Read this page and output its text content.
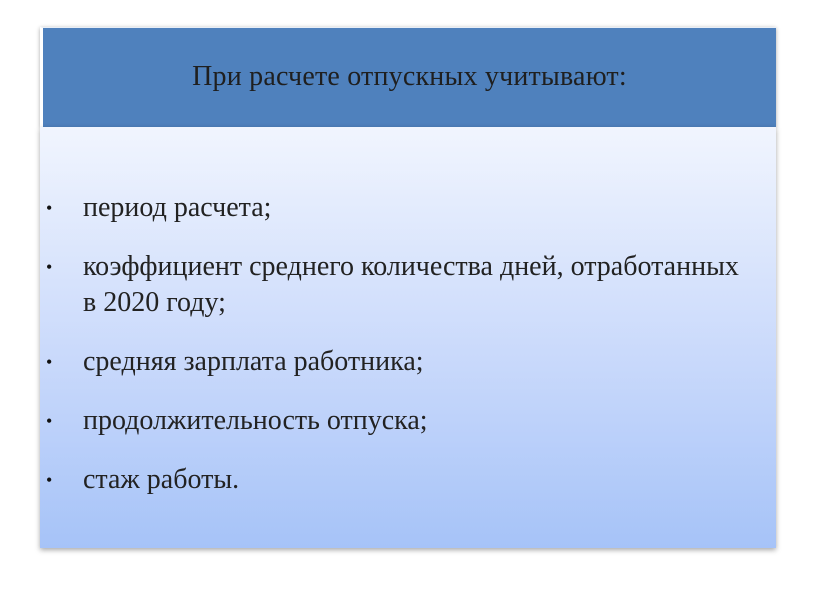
При расчете отпускных учитывают:
• период расчета;
• коэффициент среднего количества дней, отработанных в 2020 году;
• средняя зарплата работника;
• продолжительность отпуска;
• стаж работы.
